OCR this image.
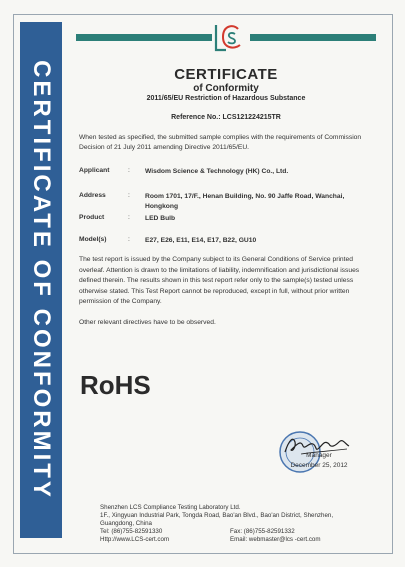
CERTIFICATE OF CONFORMITY	CERTIFICATE
of Conformity
2011/65/EU Restriction of Hazardous Substance
Reference No.: LCS121224215TR
When tested as specified, the submitted sample complies with the requirements of Commission Decision of 21 July 2011 amending Directive 2011/65/EU.
Applicant	: Wisdom Science & Technology (HK) Co., Ltd.
Address	: Room 1701, 17/F., Henan Building, No. 90 Jaffe Road, Wanchai, Hongkong
Product	: LED Bulb
Model(s)	: E27, E26, E11, E14, E17, B22, GU10
The test report is issued by the Company subject to its General Conditions of Service printed overleaf. Attention is drawn to the limitations of liability, indemnification and jurisdictional issues defined therein. The results shown in this test report refer only to the sample(s) tested unless otherwise stated. This Test Report cannot be reproduced, except in full, without prior written permission of the Company.
Other relevant directives have to be observed.
RoHS
Manager
December 25, 2012
Shenzhen LCS Compliance Testing Laboratory Ltd.
1F., Xingyuan Industrial Park, Tongda Road, Bao'an Blvd., Bao'an District, Shenzhen,
Guangdong, China
Tel: (86)755-82591330	Fax: (86)755-82591332
Http://www.LCS-cert.com	Email: webmaster@lcs -cert.com
